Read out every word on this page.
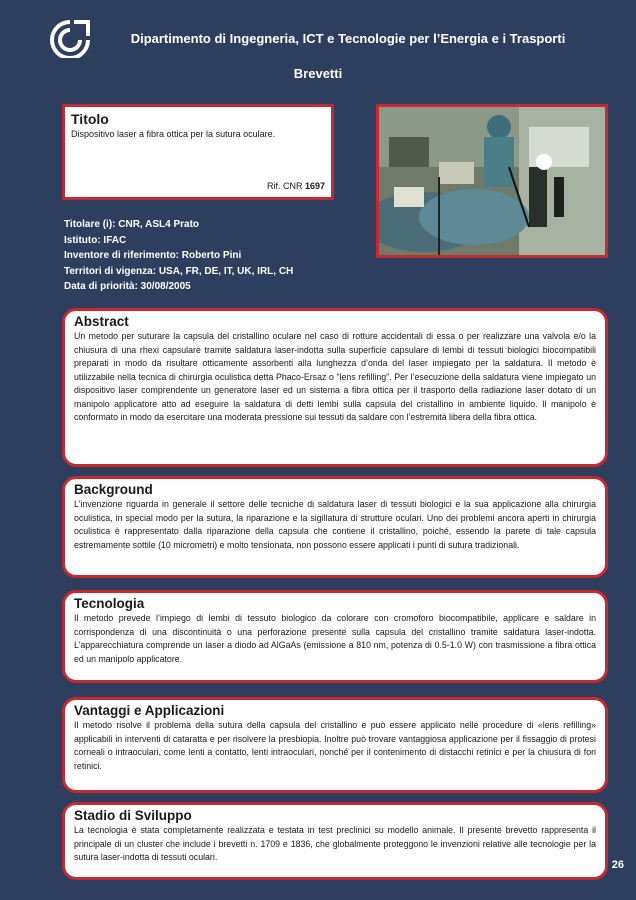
Dipartimento di Ingegneria, ICT e Tecnologie per l’Energia e i Trasporti
Brevetti
Titolo
Dispositivo laser a fibra ottica per la sutura oculare.
Rif. CNR 1697
Titolare (i): CNR, ASL4 Prato
Istituto: IFAC
Inventore di riferimento: Roberto Pini
Territori di vigenza: USA, FR, DE, IT, UK, IRL, CH
Data di priorità: 30/08/2005
Abstract

Un metodo per suturare la capsula del cristallino oculare nel caso di rotture accidentali di essa o per realizzare una valvola e/o la chiusura di una rhexi capsulare tramite saldatura laser-indotta sulla superficie capsulare di lembi di tessuti biologici biocompatibili preparati in modo da risultare otticamente assorbenti alla lunghezza d’onda del laser impiegato per la saldatura. Il metodo è utilizzabile nella tecnica di chirurgia oculistica detta Phaco-Ersaz o “lens refilling”. Per l’esecuzione della saldatura viene impiegato un dispositivo laser comprendente un generatore laser ed un sistema a fibra ottica per il trasporto della radiazione laser dotato di un manipolo applicatore atto ad eseguire la saldatura di detti lembi sulla capsula del cristallino in ambiente liquido. Il manipolo è conformato in modo da esercitare una moderata pressione sui tessuti da saldare con l’estremità libera della fibra ottica.

Background

L’invenzione riguarda in generale il settore delle tecniche di saldatura laser di tessuti biologici e la sua applicazione alla chirurgia oculistica, in special modo per la sutura, la riparazione e la sigillatura di strutture oculari. Uno dei problemi ancora aperti in chirurgia oculistica è rappresentato dalla riparazione della capsula che contiene il cristallino, poiché, essendo la parete di tale capsula estremamente sottile (10 micrometri) e molto tensionata, non possono essere applicati i punti di sutura tradizionali.

Tecnologia

Il metodo prevede l’impiego di lembi di tessuto biologico da colorare con cromoforo biocompatibile, applicare e saldare in corrispondenza di una discontinuità o una perforazione presente sulla capsula del cristallino tramite saldatura laser-indotta. L’apparecchiatura comprende un laser a diodo ad AlGaAs (emissione a 810 nm, potenza di 0.5-1.0 W) con trasmissione a fibra ottica ed un manipolo applicatore.

Vantaggi e Applicazioni

Il metodo risolve il problema della sutura della capsula del cristallino e può essere applicato nelle procedure di «lens refilling» applicabili in interventi di cataratta e per risolvere la presbiopia. Inoltre può trovare vantaggiosa applicazione per il fissaggio di protesi corneali o intraoculari, come lenti a contatto, lenti intraoculari, nonché per il contenimento di distacchi retinici e per la chiusura di fori retinici.

Stadio di Sviluppo

La tecnologia è stata completamente realizzata e testata in test preclinici su modello animale. Il presente brevetto rappresenta il principale di un cluster che include i brevetti n. 1709 e 1836, che globalmente proteggono le invenzioni relative alle tecnologie per la sutura laser-indotta di tessuti oculari.

26
